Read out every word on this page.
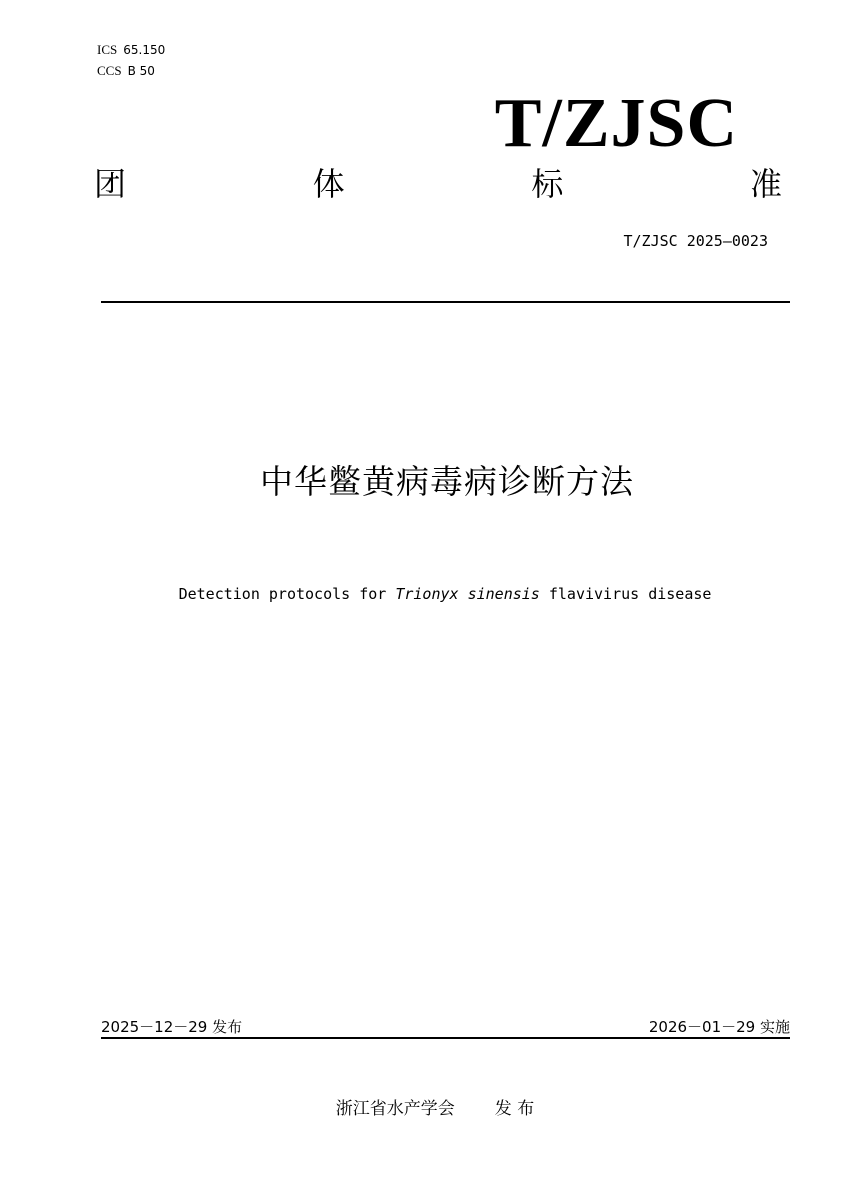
ICS 65.150
CCS B 50
T/ZJSC
团	体	标	准
T/ZJSC 2025—0023
中华鳖黄病毒病诊断方法
Detection protocols for Trionyx sinensis flavivirus disease
2025－12－29 发布	2026－01－29 实施
浙江省水产学会 发 布
